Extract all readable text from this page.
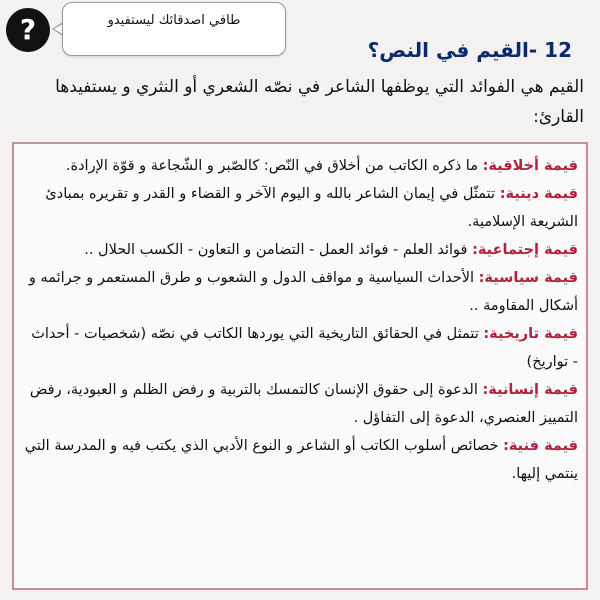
?	طافي اصدقائك ليستفيدو
12 -القيم في النص؟
القيم هي الفوائد التي يوظفها الشاعر في نصّه الشعري أو النثري و يستفيدها القارئ:

قيمة أخلاقية: ما ذكره الكاتب من أخلاق في النّص: كالصّبر و الشّجاعة و قوّة الإرادة.

قيمة دينية: تتمثّل في إيمان الشاعر بالله و اليوم الآخر و القضاء و القدر و تقريره بمبادئ الشريعة الإسلامية.

قيمة إجتماعية: فوائد العلم - فوائد العمل - التضامن و التعاون - الكسب الحلال ..

قيمة سياسية: الأحداث السياسية و مواقف الدول و الشعوب و طرق المستعمر و جرائمه و أشكال المقاومة ..

قيمة تاريخية: تتمثل في الحقائق التاريخية التي يوردها الكاتب في نصّه (شخصيات - أحداث - تواريخ)

قيمة إنسانية: الدعوة إلى حقوق الإنسان كالتمسك بالتربية و رفض الظلم و العبودية، رفض التمييز العنصري، الدعوة إلى التفاؤل .

قيمة فنية: خصائص أسلوب الكاتب أو الشاعر و النوع الأدبي الذي يكتب فيه و المدرسة التي ينتمي إليها.
